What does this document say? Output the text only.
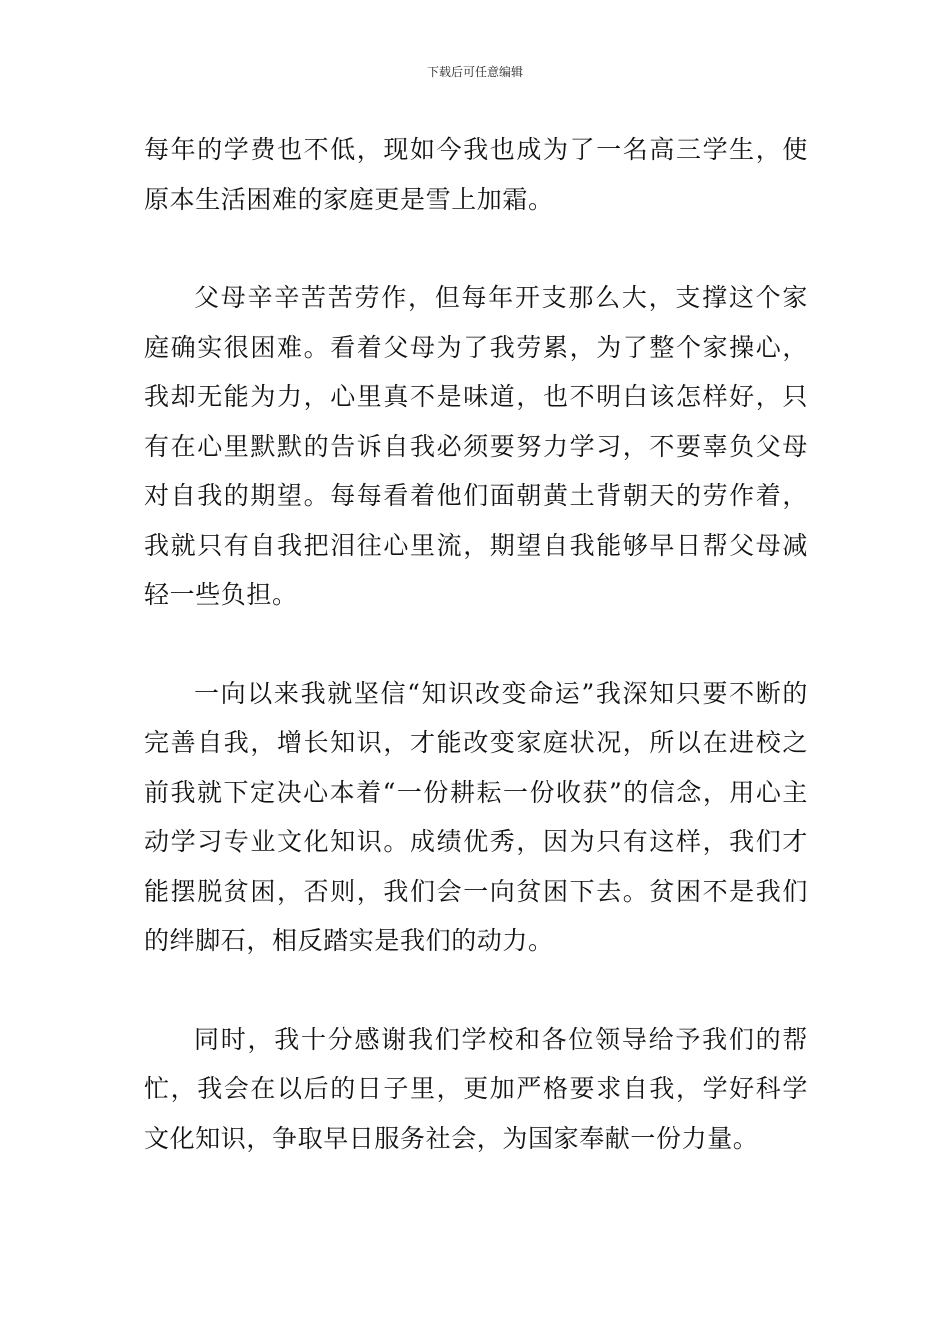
下载后可任意编辑

每年的学费也不低，现如今我也成为了一名高三学生，使原本生活困难的家庭更是雪上加霜。

父母辛辛苦苦劳作，但每年开支那么大，支撑这个家庭确实很困难。看着父母为了我劳累，为了整个家操心，我却无能为力，心里真不是味道，也不明白该怎样好，只有在心里默默的告诉自我必须要努力学习，不要辜负父母对自我的期望。每每看着他们面朝黄土背朝天的劳作着，我就只有自我把泪往心里流，期望自我能够早日帮父母减轻一些负担。

一向以来我就坚信“知识改变命运”我深知只要不断的完善自我，增长知识，才能改变家庭状况，所以在进校之前我就下定决心本着“一份耕耘一份收获”的信念，用心主动学习专业文化知识。成绩优秀，因为只有这样，我们才能摆脱贫困，否则，我们会一向贫困下去。贫困不是我们的绊脚石，相反踏实是我们的动力。

同时，我十分感谢我们学校和各位领导给予我们的帮忙，我会在以后的日子里，更加严格要求自我，学好科学文化知识，争取早日服务社会，为国家奉献一份力量。
